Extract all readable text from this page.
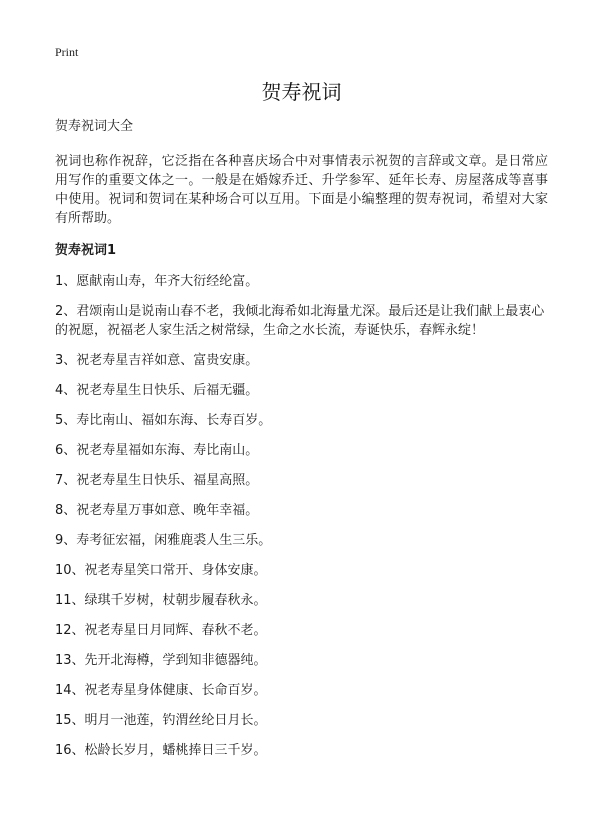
Print
贺寿祝词

贺寿祝词大全

祝词也称作祝辞，它泛指在各种喜庆场合中对事情表示祝贺的言辞或文章。是日常应用写作的重要文体之一。一般是在婚嫁乔迁、升学参军、延年长寿、房屋落成等喜事中使用。祝词和贺词在某种场合可以互用。下面是小编整理的贺寿祝词，希望对大家有所帮助。

贺寿祝词1
1、愿献南山寿，年齐大衍经纶富。
2、君颂南山是说南山春不老，我倾北海希如北海量尤深。最后还是让我们献上最衷心的祝愿，祝福老人家生活之树常绿，生命之水长流，寿诞快乐，春辉永绽！
3、祝老寿星吉祥如意、富贵安康。
4、祝老寿星生日快乐、后福无疆。
5、寿比南山、福如东海、长寿百岁。
6、祝老寿星福如东海、寿比南山。
7、祝老寿星生日快乐、福星高照。
8、祝老寿星万事如意、晚年幸福。
9、寿考征宏福，闲雅鹿裘人生三乐。
10、祝老寿星笑口常开、身体安康。
11、绿琪千岁树，杖朝步履春秋永。
12、祝老寿星日月同辉、春秋不老。
13、先开北海樽，学到知非德器纯。
14、祝老寿星身体健康、长命百岁。
15、明月一池莲，钓渭丝纶日月长。
16、松龄长岁月，蟠桃捧日三千岁。
